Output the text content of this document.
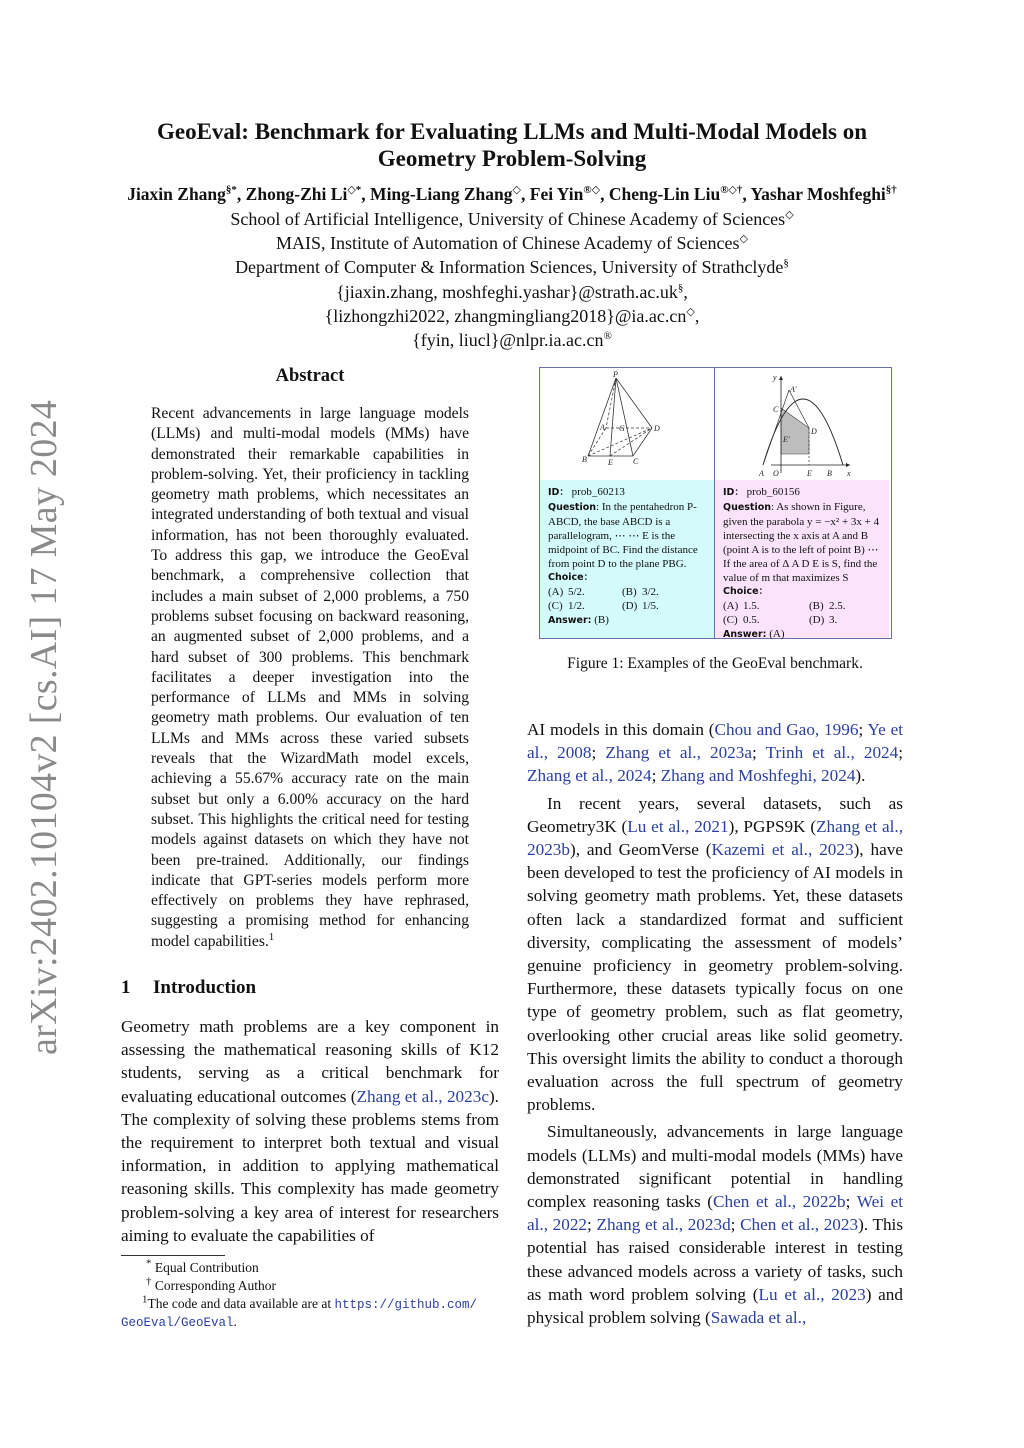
arXiv:2402.10104v2 [cs.AI] 17 May 2024
GeoEval: Benchmark for Evaluating LLMs and Multi-Modal Models on
Geometry Problem-Solving
Jiaxin Zhang§*, Zhong-Zhi Li◇*, Ming-Liang Zhang◇, Fei Yin®◇, Cheng-Lin Liu®◇†, Yashar Moshfeghi§†
School of Artificial Intelligence, University of Chinese Academy of Sciences◇
MAIS, Institute of Automation of Chinese Academy of Sciences◇
Department of Computer & Information Sciences, University of Strathclyde§
{jiaxin.zhang, moshfeghi.yashar}@strath.ac.uk§,
{lizhongzhi2022, zhangmingliang2018}@ia.ac.cn◇,
{fyin, liucl}@nlpr.ia.ac.cn®
Abstract
Recent advancements in large language models (LLMs) and multi-modal models (MMs) have demonstrated their remarkable capabilities in problem-solving. Yet, their proficiency in tackling geometry math problems, which necessitates an integrated understanding of both textual and visual information, has not been thoroughly evaluated. To address this gap, we introduce the GeoEval benchmark, a comprehensive collection that includes a main subset of 2,000 problems, a 750 problems subset focusing on backward reasoning, an augmented subset of 2,000 problems, and a hard subset of 300 problems. This benchmark facilitates a deeper investigation into the performance of LLMs and MMs in solving geometry math problems. Our evaluation of ten LLMs and MMs across these varied subsets reveals that the WizardMath model excels, achieving a 55.67% accuracy rate on the main subset but only a 6.00% accuracy on the hard subset. This highlights the critical need for testing models against datasets on which they have not been pre-trained. Additionally, our findings indicate that GPT-series models perform more effectively on problems they have rephrased, suggesting a promising method for enhancing model capabilities.$^1$
1 Introduction
Geometry math problems are a key component in assessing the mathematical reasoning skills of K12 students, serving as a critical benchmark for evaluating educational outcomes (Zhang et al., 2023c). The complexity of solving these problems stems from the requirement to interpret both textual and visual information, in addition to applying mathematical reasoning skills. This complexity has made geometry problem-solving a key area of interest for researchers aiming to evaluate the capabilities of
* Equal Contribution
† Corresponding Author
$^1$The code and data available are at https://github.com/
GeoEval/GeoEval.
P
A
B	C
D
E
G
ID： prob_60213
Question: In the pentahedron P-ABCD, the base ABCD is a parallelogram, ⋯ ⋯ E is the midpoint of BC. Find the distance from point D to the plane PBG.
Choice：
(A) 5/2.	(B) 3/2.
(C) 1/2.	(D) 1/5.
Answer: (B)
y
x
A′
C
D
E′
A O	E B
ID： prob_60156
Question: As shown in Figure, given the parabola y = −x² + 3x + 4 intersecting the x axis at A and B (point A is to the left of point B) ⋯ If the area of Δ A D E is S, find the value of m that maximizes S
Choice：
(A) 1.5.	(B) 2.5.
(C) 0.5.	(D) 3.
Answer: (A)
Figure 1: Examples of the GeoEval benchmark.

AI models in this domain (Chou and Gao, 1996; Ye et al., 2008; Zhang et al., 2023a; Trinh et al., 2024; Zhang et al., 2024; Zhang and Moshfeghi, 2024).

In recent years, several datasets, such as Geometry3K (Lu et al., 2021), PGPS9K (Zhang et al., 2023b), and GeomVerse (Kazemi et al., 2023), have been developed to test the proficiency of AI models in solving geometry math problems. Yet, these datasets often lack a standardized format and sufficient diversity, complicating the assessment of models’ genuine proficiency in geometry problem-solving. Furthermore, these datasets typically focus on one type of geometry problem, such as flat geometry, overlooking other crucial areas like solid geometry. This oversight limits the ability to conduct a thorough evaluation across the full spectrum of geometry problems.

Simultaneously, advancements in large language models (LLMs) and multi-modal models (MMs) have demonstrated significant potential in handling complex reasoning tasks (Chen et al., 2022b; Wei et al., 2022; Zhang et al., 2023d; Chen et al., 2023). This potential has raised considerable interest in testing these advanced models across a variety of tasks, such as math word problem solving (Lu et al., 2023) and physical problem solving (Sawada et al.,
